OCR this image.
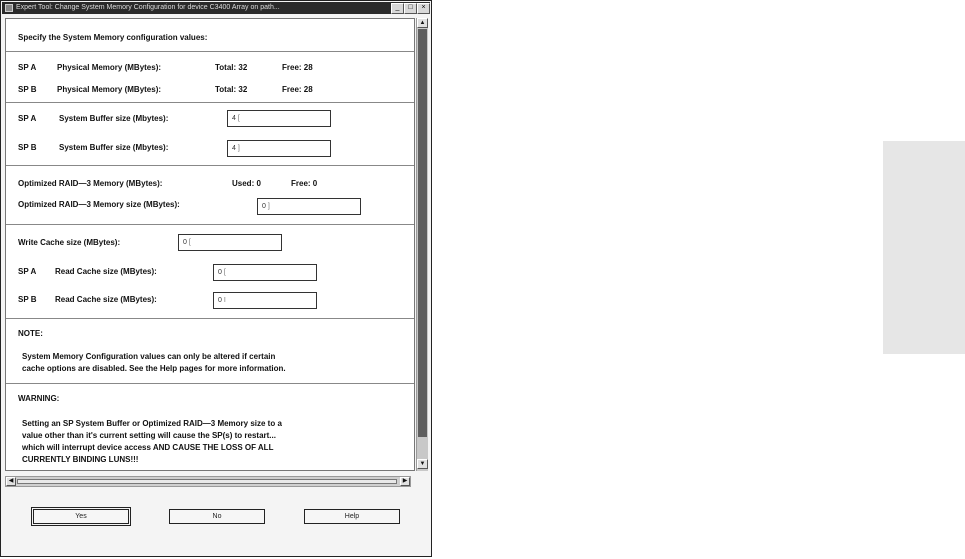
Expert Tool: Change System Memory Configuration for device C3400 Array on path...	_	□	×
Specify the System Memory configuration values:
SP A	Physical Memory (MBytes):	Total: 32	Free: 28
SP B	Physical Memory (MBytes):	Total: 32	Free: 28
SP A	System Buffer size (Mbytes):	4 [
SP B	System Buffer size (Mbytes):	4 ]
Optimized RAID—3 Memory (MBytes):	Used: 0	Free: 0
Optimized RAID—3 Memory size (MBytes):	0 ]
Write Cache size (MBytes):	0 [
SP A Read Cache size (MBytes):	0 [
SP B Read Cache size (MBytes):	0 I
NOTE:
System Memory Configuration values can only be altered if certain
cache options are disabled. See the Help pages for more information.
WARNING:
Setting an SP System Buffer or Optimized RAID—3 Memory size to a
value other than it's current setting will cause the SP(s) to restart...
which will interrupt device access AND CAUSE THE LOSS OF ALL
CURRENTLY BINDING LUNS!!!
▲
▼
◀	▶
Yes	No	Help
